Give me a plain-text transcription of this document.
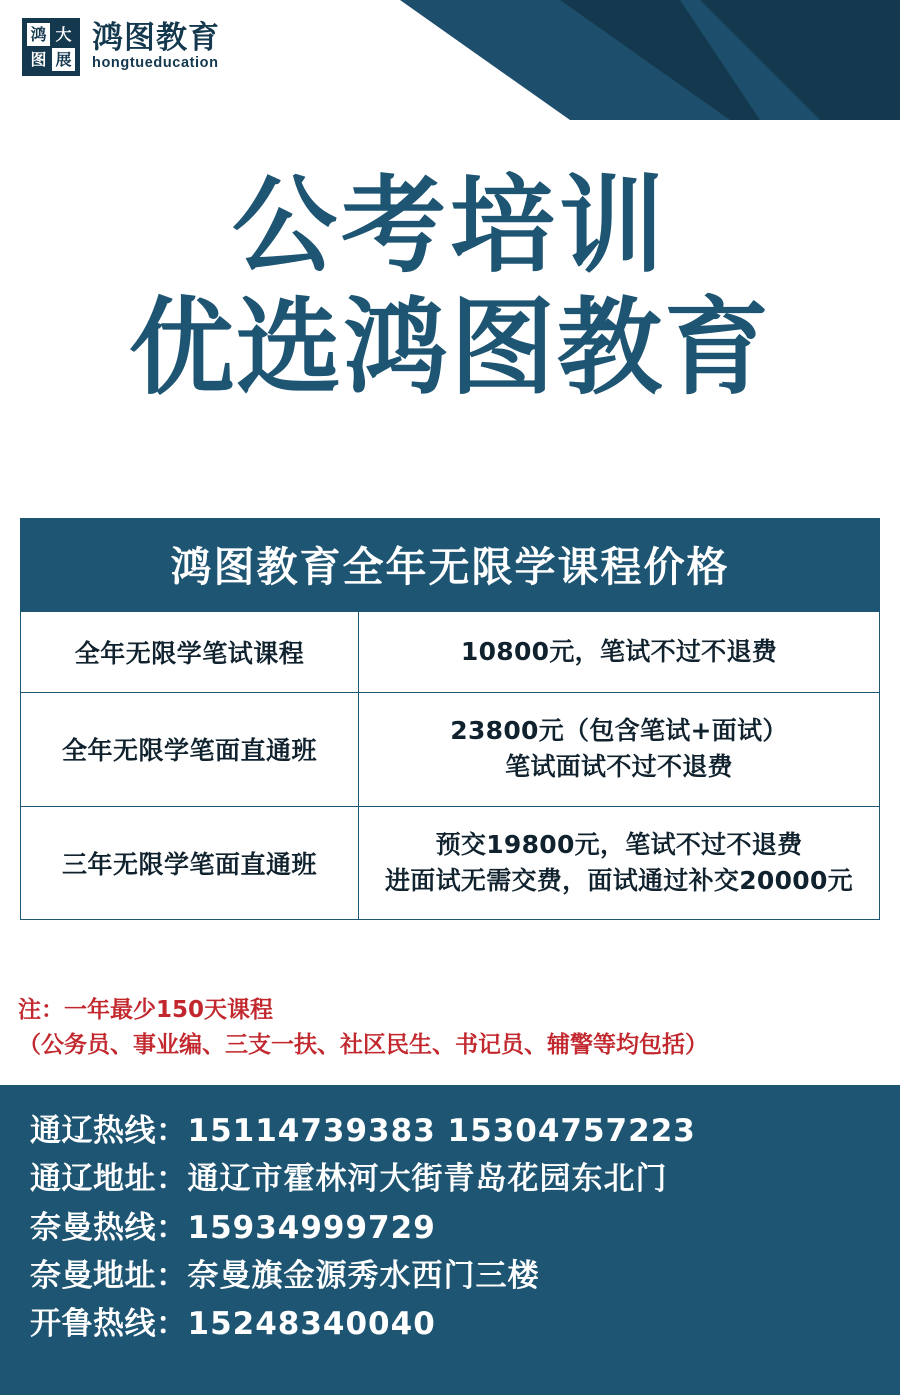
鸿 大
图 展
鸿图教育
hongtueducation
公考培训
优选鸿图教育
鸿图教育全年无限学课程价格
全年无限学笔试课程	10800元，笔试不过不退费

全年无限学笔面直通班	23800元（包含笔试+面试）
笔试面试不过不退费

三年无限学笔面直通班	预交19800元，笔试不过不退费
进面试无需交费，面试通过补交20000元
注：一年最少150天课程
（公务员、事业编、三支一扶、社区民生、书记员、辅警等均包括）
通辽热线： 15114739383 15304757223
通辽地址： 通辽市霍林河大街青岛花园东北门
奈曼热线： 15934999729
奈曼地址： 奈曼旗金源秀水西门三楼
开鲁热线： 15248340040
